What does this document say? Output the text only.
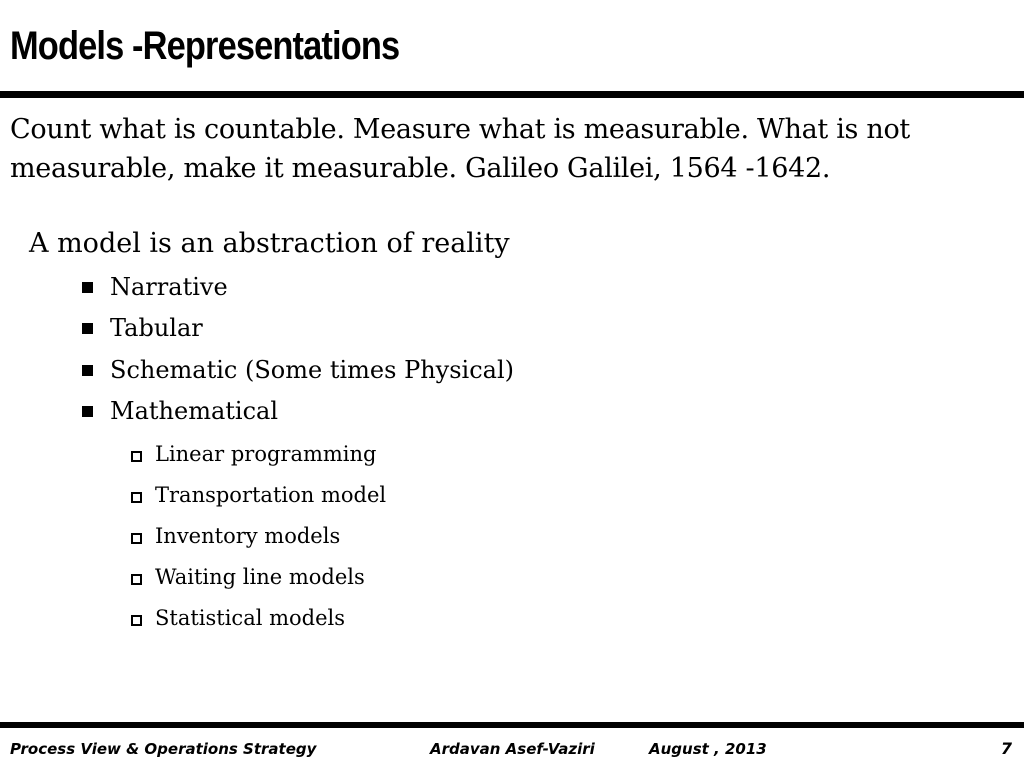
Models -Representations
Count what is countable. Measure what is measurable. What is not measurable, make it measurable. Galileo Galilei, 1564 -1642.
A model is an abstraction of reality
Narrative
Tabular
Schematic (Some times Physical)
Mathematical
Linear programming
Transportation model
Inventory models
Waiting line models
Statistical models
Process View & Operations Strategy	Ardavan Asef-Vaziri	August , 2013	7
